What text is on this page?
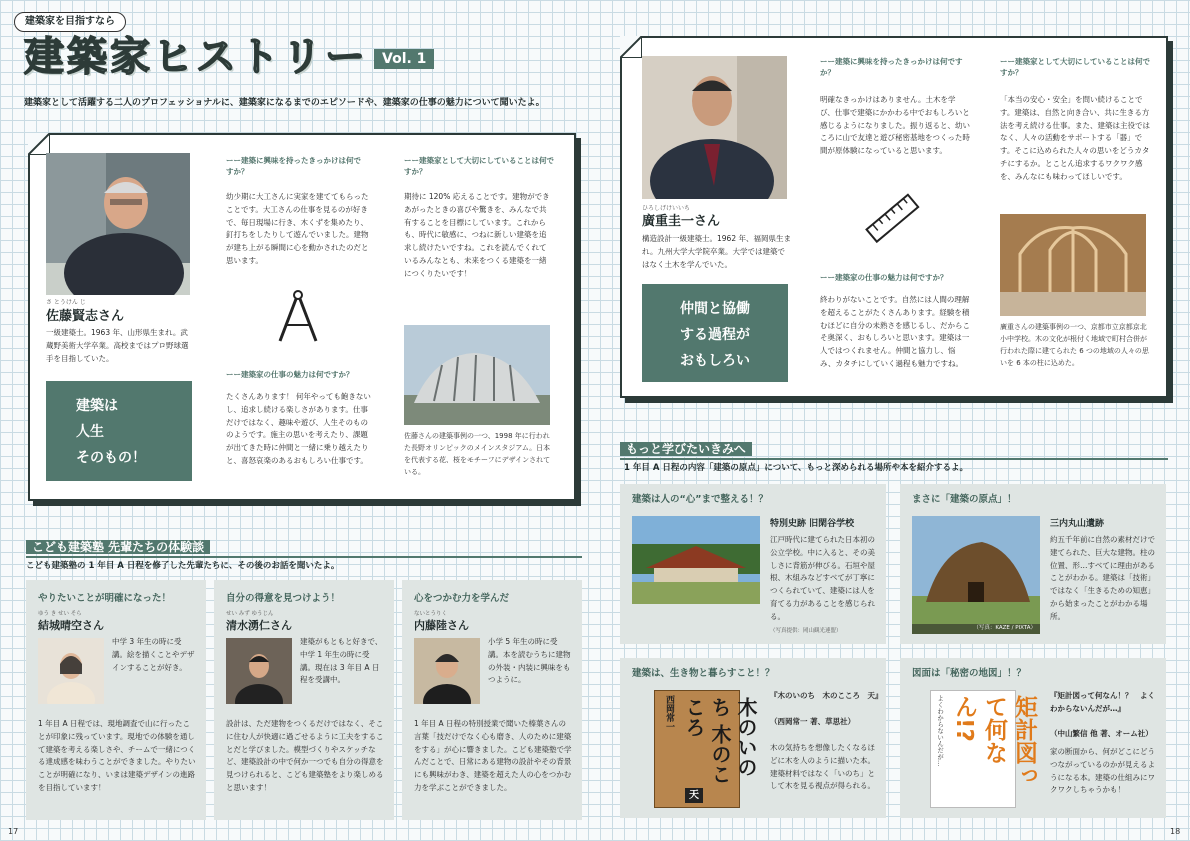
建築家を目指すなら
建築家ヒストリー	Vol. 1
建築家として活躍する二人のプロフェッショナルに、建築家になるまでのエピソードや、建築家の仕事の魅力について聞いたよ。
さ とうけん じ
佐藤賢志さん
一級建築士。1963 年、山形県生まれ。武蔵野美術大学卒業。高校まではプロ野球選手を目指していた。
建築は
人生
そのもの！
ーー建築に興味を持ったきっかけは何ですか？
幼少期に大工さんに実家を建ててもらったことです。大工さんの仕事を見るのが好きで、毎日現場に行き、木くずを集めたり、釘打ちをしたりして遊んでいました。建物が建ち上がる瞬間に心を動かされたのだと思います。
ーー建築家の仕事の魅力は何ですか？
たくさんあります！ 何年やっても飽きないし、追求し続ける楽しさがあります。仕事だけではなく、趣味や遊び、人生そのもののようです。施主の思いを考えたり、課題が出てきた時に仲間と一緒に乗り越えたりと、喜怒哀楽のあるおもしろい仕事です。
ーー建築家として大切にしていることは何ですか？
期待に 120% 応えることです。建物ができあがったときの喜びや驚きを、みんなで共有することを目標にしています。これからも、時代に敏感に、つねに新しい建築を追求し続けたいですね。これを読んでくれているみんなとも、未来をつくる建築を一緒につくりたいです！
佐藤さんの建築事例の一つ、1998 年に行われた長野オリンピックのメインスタジアム。日本を代表する花、桜をモチーフにデザインされている。
ひろしげけいいち
廣重圭一さん
構造設計一級建築士。1962 年、福岡県生まれ。九州大学大学院卒業。大学では建築ではなく土木を学んでいた。
仲間と協働
する過程が
おもしろい
ーー建築に興味を持ったきっかけは何ですか？
明確なきっかけはありません。土木を学び、仕事で建築にかかわる中でおもしろいと感じるようになりました。振り返ると、幼いころに山で友達と遊び秘密基地をつくった時間が原体験になっていると思います。
ーー建築家の仕事の魅力は何ですか？
終わりがないことです。自然には人間の理解を超えることがたくさんあります。経験を積むほどに自分の未熟さを感じるし、だからこそ奥深く、おもしろいと思います。建築は一人ではつくれません。仲間と協力し、悩み、カタチにしていく過程も魅力ですね。
ーー建築家として大切にしていることは何ですか？
「本当の安心・安全」を問い続けることです。建築は、自然と向き合い、共に生きる方法を考え続ける仕事。また、建築は主役ではなく、人々の活動をサポートする「器」です。そこに込められた人々の思いをどうカタチにするか。とことん追求するワクワク感を、みんなにも味わってほしいです。
廣重さんの建築事例の一つ、京都市立京都京北小中学校。木の文化が根付く地域で町村合併が行われた際に建てられた 6 つの地域の人々の思いを 6 本の柱に込めた。
こども建築塾 先輩たちの体験談
こども建築塾の 1 年目 A 日程を修了した先輩たちに、その後のお話を聞いたよ。
やりたいことが明確になった！
ゆう き せい そら
結城晴空さん
中学 3 年生の時に受講。絵を描くことやデザインすることが好き。
1 年目 A 日程では、現地調査で山に行ったことが印象に残っています。現地での体験を通して建築を考える楽しさや、チームで一緒につくる達成感を味わうことができました。やりたいことが明確になり、いまは建築デザインの進路を目指しています！
自分の得意を見つけよう！
せい みず ゆうじん
清水湧仁さん
建築がもともと好きで、中学 1 年生の時に受講。現在は 3 年目 A 日程を受講中。
設計は、ただ建物をつくるだけではなく、そこに住む人が快適に過ごせるように工夫をすることだと学びました。模型づくりやスケッチなど、建築設計の中で何か一つでも自分の得意を見つけられると、こども建築塾をより楽しめると思います！
心をつかむ力を学んだ
ないとうりく
内藤陸さん
小学 5 年生の時に受講。本を読むうちに建物の外装・内装に興味をもつように。
1 年目 A 日程の特別授業で聞いた榛葉さんの言葉「技だけでなく心も磨き、人のために建築をする」が心に響きました。こども建築塾で学んだことで、日常にある建物の設計やその背景にも興味がわき、建築を超えた人の心をつかむ力を学ぶことができました。
もっと学びたいきみへ
1 年目 A 日程の内容「建築の原点」について、もっと深められる場所や本を紹介するよ。
建築は人の“心”まで整える！？
特別史跡 旧閑谷学校
江戸時代に建てられた日本初の公立学校。中に入ると、その美しさに背筋が伸びる。石垣や屋根、木組みなどすべてが丁寧につくられていて、建築には人を育てる力があることを感じられる。
（写真提供：岡山観光連盟）
まさに「建築の原点」！
（写真：KAZE / PIXTA）
三内丸山遺跡
約五千年前に自然の素材だけで建てられた、巨大な建物。柱の位置、形…すべてに理由があることがわかる。建築は「技術」ではなく「生きるための知恵」から始まったことがわかる場所。
建築は、生き物と暮らすこと！？
西岡常一	木のいのち 木のこころ
天
『木のいのち　木のこころ　天』
（西岡常一 著、草思社）
木の気持ちを想像したくなるほどに木を人のように描いた本。建築材料ではなく「いのち」として木を見る視点が得られる。
図面は「秘密の地図」！？
よくわからないんだが…	矩計図って何なん!?	『矩計図って何なん！？　よくわからないんだが…』
（中山繁信 他 著、オーム社）
家の断面から、何がどこにどうつながっているのかが見えるようになる本。建築の仕組みにワクワクしちゃうかも！
17	18
